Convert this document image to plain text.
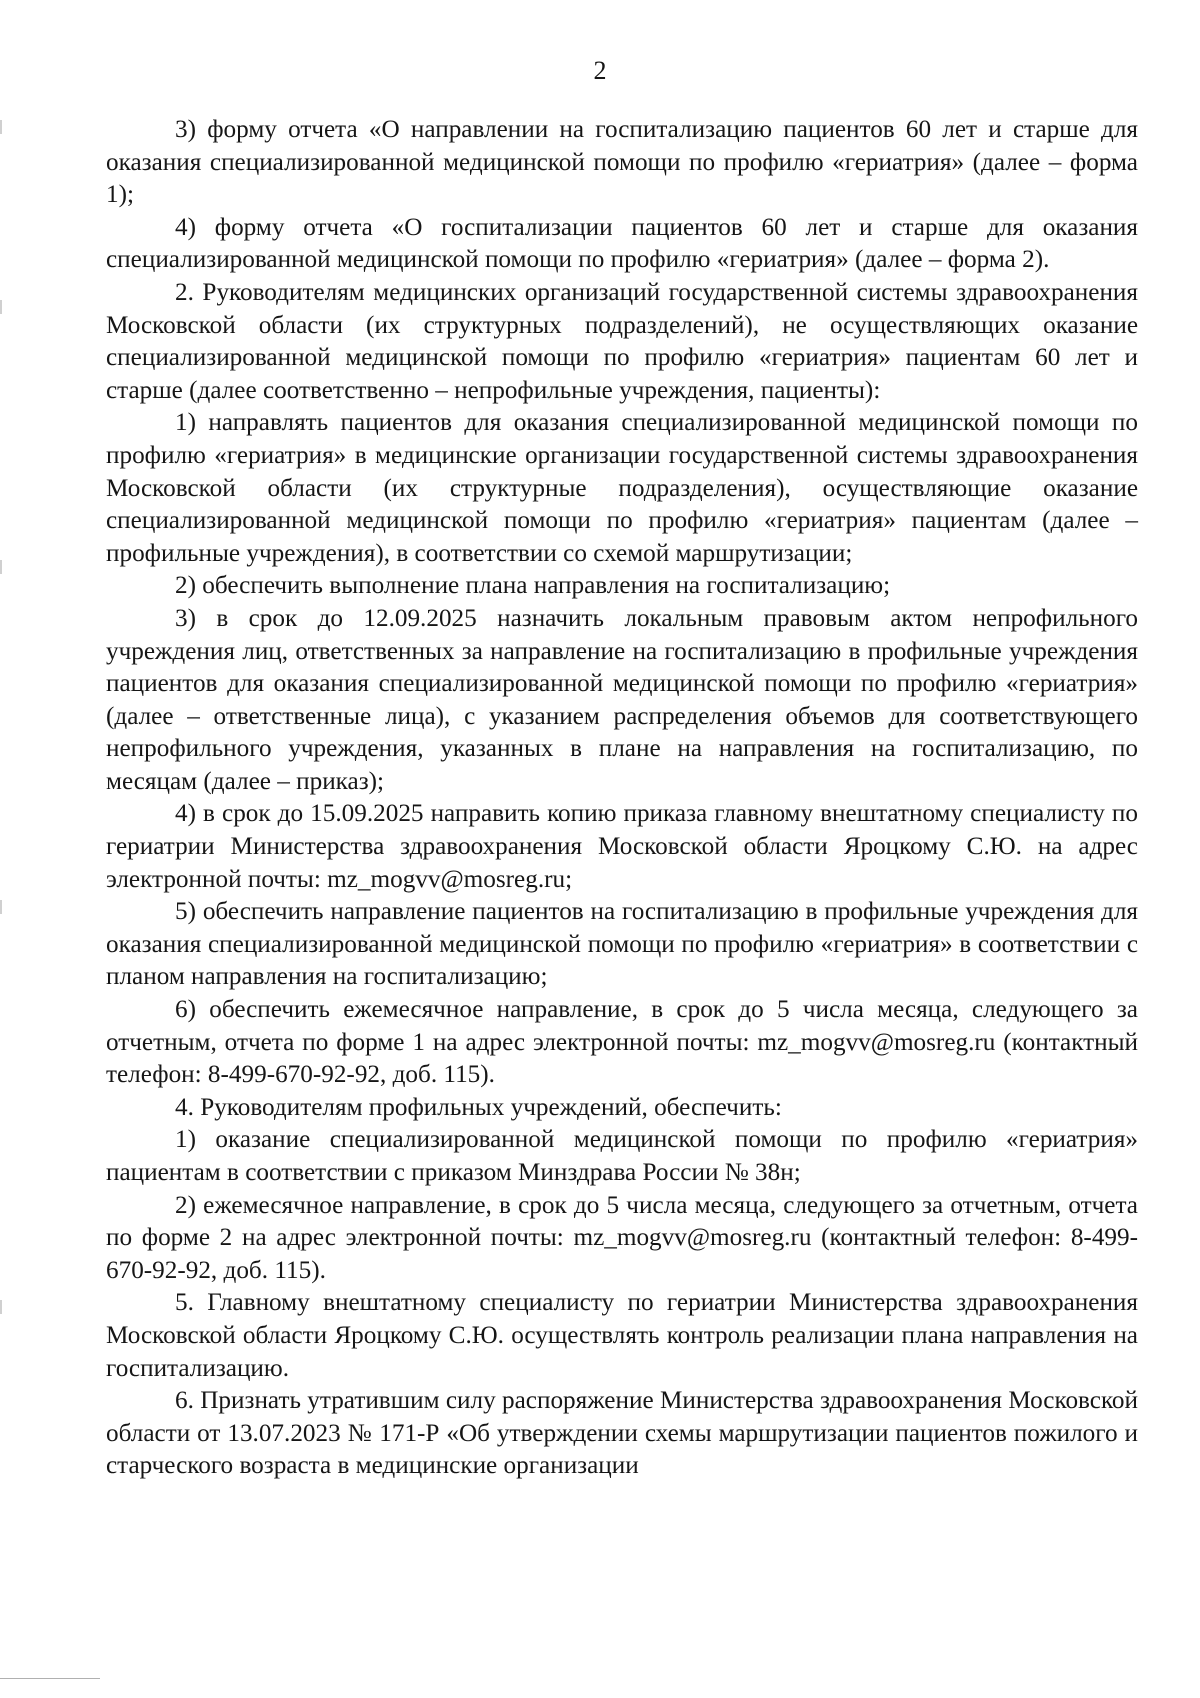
2

3) форму отчета «О направлении на госпитализацию пациентов 60 лет и старше для оказания специализированной медицинской помощи по профилю «гериатрия» (далее – форма 1);

4) форму отчета «О госпитализации пациентов 60 лет и старше для оказания специализированной медицинской помощи по профилю «гериатрия» (далее – форма 2).

2. Руководителям медицинских организаций государственной системы здравоохранения Московской области (их структурных подразделений), не осуществляющих оказание специализированной медицинской помощи по профилю «гериатрия» пациентам 60 лет и старше (далее соответственно – непрофильные учреждения, пациенты):

1) направлять пациентов для оказания специализированной медицинской помощи по профилю «гериатрия» в медицинские организации государственной системы здравоохранения Московской области (их структурные подразделения), осуществляющие оказание специализированной медицинской помощи по профилю «гериатрия» пациентам (далее – профильные учреждения), в соответствии со схемой маршрутизации;

2) обеспечить выполнение плана направления на госпитализацию;

3) в срок до 12.09.2025 назначить локальным правовым актом непрофильного учреждения лиц, ответственных за направление на госпитализацию в профильные учреждения пациентов для оказания специализированной медицинской помощи по профилю «гериатрия» (далее – ответственные лица), с указанием распределения объемов для соответствующего непрофильного учреждения, указанных в плане на направления на госпитализацию, по месяцам (далее – приказ);

4) в срок до 15.09.2025 направить копию приказа главному внештатному специалисту по гериатрии Министерства здравоохранения Московской области Яроцкому С.Ю. на адрес электронной почты: mz_mogvv@mosreg.ru;

5) обеспечить направление пациентов на госпитализацию в профильные учреждения для оказания специализированной медицинской помощи по профилю «гериатрия» в соответствии с планом направления на госпитализацию;

6) обеспечить ежемесячное направление, в срок до 5 числа месяца, следующего за отчетным, отчета по форме 1 на адрес электронной почты: mz_mogvv@mosreg.ru (контактный телефон: 8-499-670-92-92, доб. 115).

4. Руководителям профильных учреждений, обеспечить:

1) оказание специализированной медицинской помощи по профилю «гериатрия» пациентам в соответствии с приказом Минздрава России № 38н;

2) ежемесячное направление, в срок до 5 числа месяца, следующего за отчетным, отчета по форме 2 на адрес электронной почты: mz_mogvv@mosreg.ru (контактный телефон: 8-499-670-92-92, доб. 115).

5. Главному внештатному специалисту по гериатрии Министерства здравоохранения Московской области Яроцкому С.Ю. осуществлять контроль реализации плана направления на госпитализацию.

6. Признать утратившим силу распоряжение Министерства здравоохранения Московской области от 13.07.2023 № 171-Р «Об утверждении схемы маршрутизации пациентов пожилого и старческого возраста в медицинские организации
